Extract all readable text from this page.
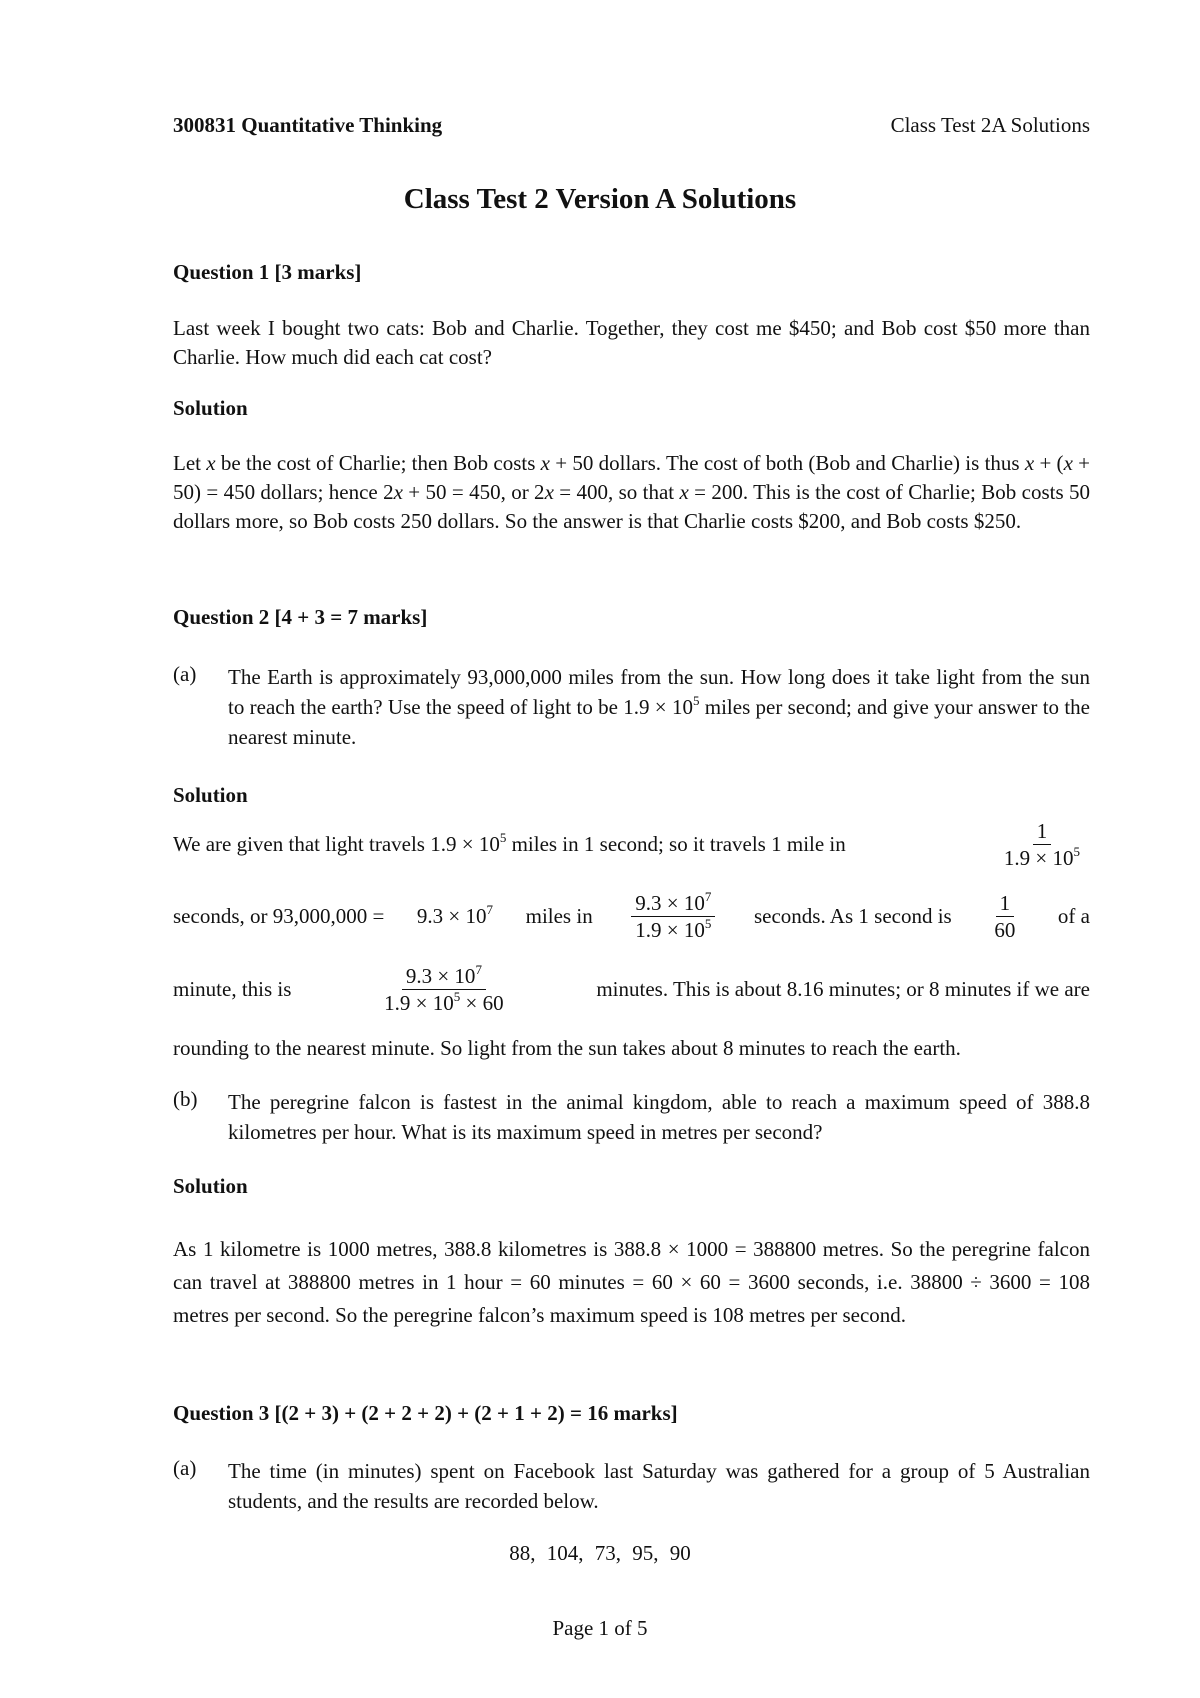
300831 Quantitative Thinking	Class Test 2A Solutions
Class Test 2 Version A Solutions
Question 1 [3 marks]
Last week I bought two cats: Bob and Charlie. Together, they cost me $450; and Bob cost $50 more than Charlie. How much did each cat cost?
Solution
Let x be the cost of Charlie; then Bob costs x + 50 dollars. The cost of both (Bob and Charlie) is thus x + (x + 50) = 450 dollars; hence 2x + 50 = 450, or 2x = 400, so that x = 200. This is the cost of Charlie; Bob costs 50 dollars more, so Bob costs 250 dollars. So the answer is that Charlie costs $200, and Bob costs $250.
Question 2 [4 + 3 = 7 marks]
(a) The Earth is approximately 93,000,000 miles from the sun. How long does it take light from the sun to reach the earth? Use the speed of light to be $1.9 \times 10^5$ miles per second; and give your answer to the nearest minute.
Solution
We are given that light travels $1.9 \times 10^5$ miles in 1 second; so it travels 1 mile in	$\frac{1}{1.9 \times 10^5}$
seconds, or $93,000,000 = 9.3 \times 10^7$ miles in $\frac{9.3 \times 10^7}{1.9 \times 10^5}$ seconds. As 1 second is $\frac{1}{60}$ of a
minute, this is	$\frac{9.3 \times 10^7}{1.9 \times 10^5 \times 60}$	minutes. This is about 8.16 minutes; or 8 minutes if we are
rounding to the nearest minute. So light from the sun takes about 8 minutes to reach the earth.
(b) The peregrine falcon is fastest in the animal kingdom, able to reach a maximum speed of 388.8 kilometres per hour. What is its maximum speed in metres per second?
Solution
As 1 kilometre is 1000 metres, 388.8 kilometres is 388.8 × 1000 = 388800 metres. So the peregrine falcon can travel at 388800 metres in 1 hour = 60 minutes = 60 × 60 = 3600 seconds, i.e. 38800 ÷ 3600 = 108 metres per second. So the peregrine falcon’s maximum speed is 108 metres per second.
Question 3 [(2 + 3) + (2 + 2 + 2) + (2 + 1 + 2) = 16 marks]
(a) The time (in minutes) spent on Facebook last Saturday was gathered for a group of 5 Australian students, and the results are recorded below.
88, 104, 73, 95, 90
Page 1 of 5
